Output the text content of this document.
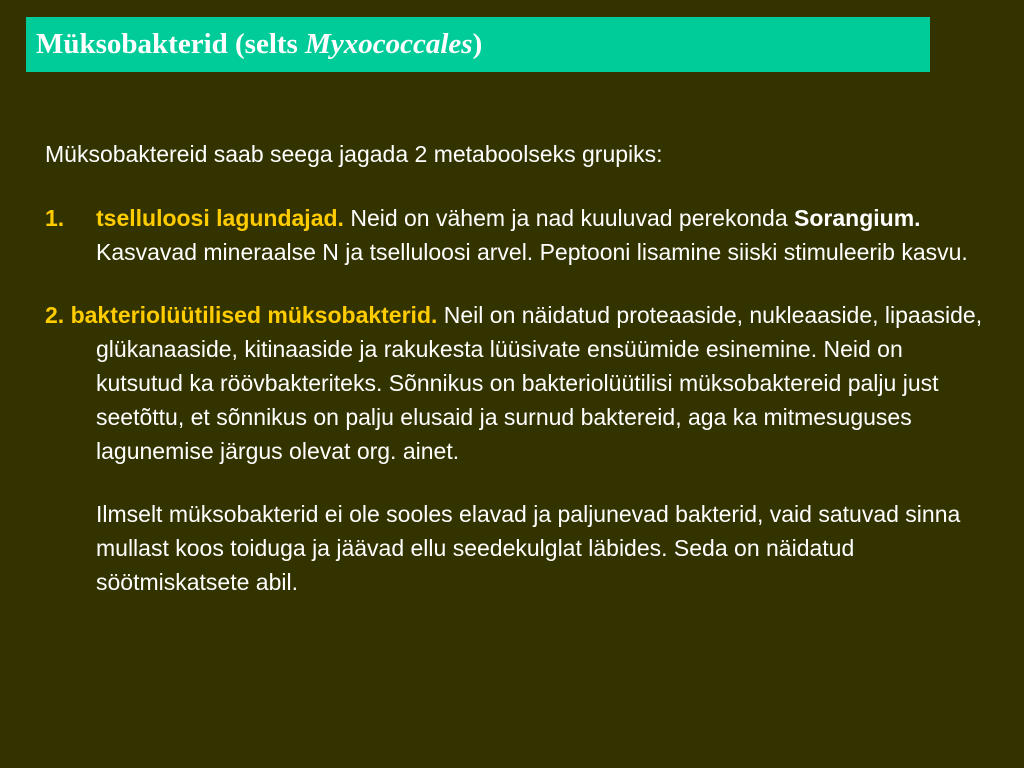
Müksobakterid (selts Myxococcales)

Müksobaktereid saab seega jagada 2 metaboolseks grupiks:

1. tselluloosi lagundajad. Neid on vähem ja nad kuuluvad perekonda Sorangium. Kasvavad mineraalse N ja tselluloosi arvel. Peptooni lisamine siiski stimuleerib kasvu.

2. bakteriolüütilised müksobakterid. Neil on näidatud proteaaside, nukleaaside, lipaaside, glükanaaside, kitinaaside ja rakukesta lüüsivate ensüümide esinemine. Neid on kutsutud ka röövbakteriteks. Sõnnikus on bakteriolüütilisi müksobaktereid palju just seetõttu, et sõnnikus on palju elusaid ja surnud baktereid, aga ka mitmesuguses lagunemise järgus olevat org. ainet.

Ilmselt müksobakterid ei ole sooles elavad ja paljunevad bakterid, vaid satuvad sinna mullast koos toiduga ja jäävad ellu seedekulglat läbides. Seda on näidatud söötmiskatsete abil.
